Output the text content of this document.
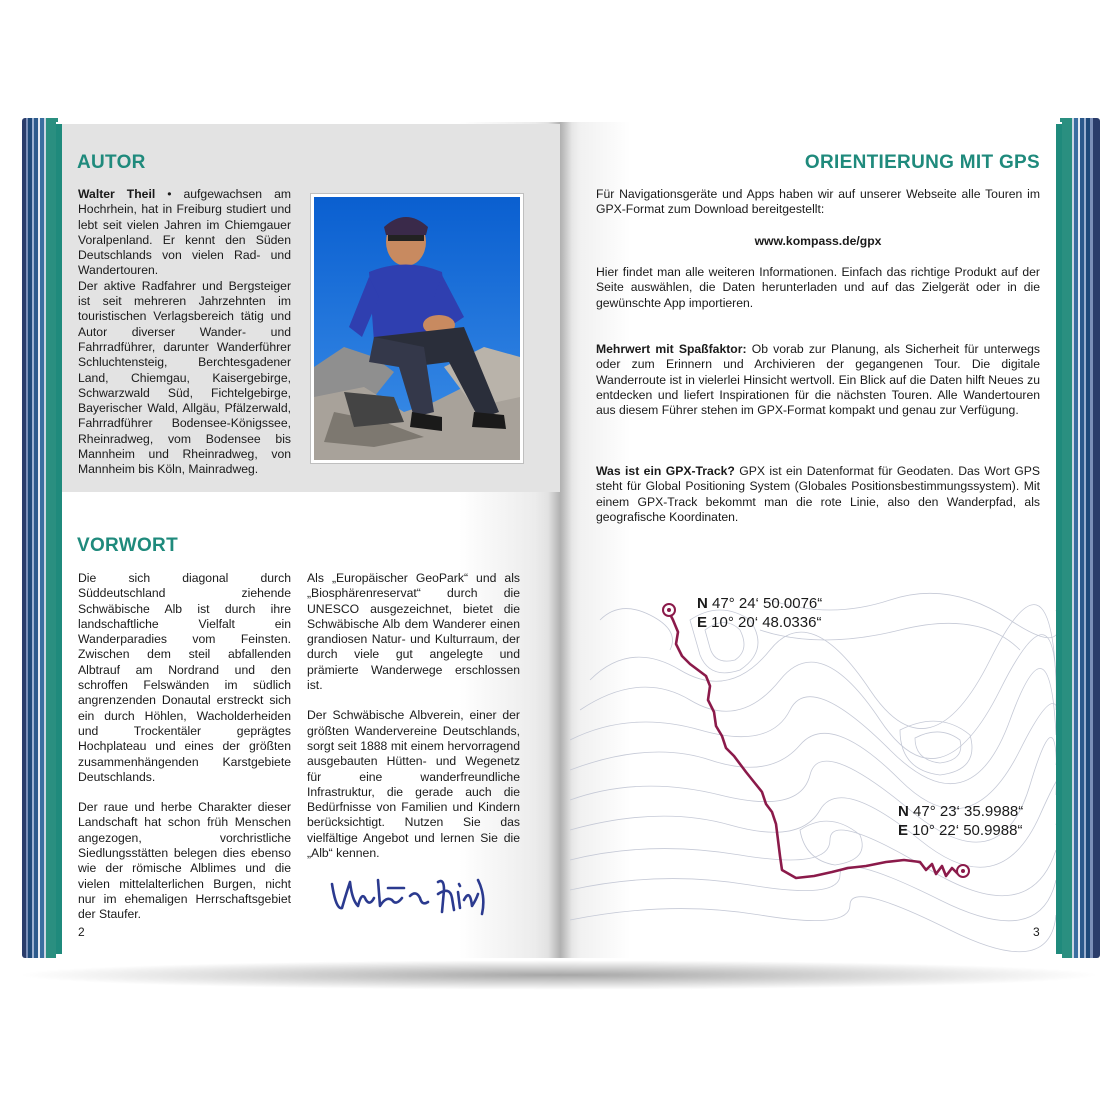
AUTOR

Walter Theil • aufgewachsen am Hochrhein, hat in Freiburg studiert und lebt seit vielen Jahren im Chiemgauer Voralpenland. Er kennt den Süden Deutschlands von vielen Rad- und Wandertouren.

Der aktive Radfahrer und Bergsteiger ist seit mehreren Jahrzehnten im touristischen Verlagsbereich tätig und Autor diverser Wander- und Fahrradführer, darunter Wanderführer Schluchtensteig, Berchtesgadener Land, Chiemgau, Kaisergebirge, Schwarzwald Süd, Fichtelgebirge, Bayerischer Wald, Allgäu, Pfälzerwald, Fahrradführer Bodensee-Königssee, Rheinradweg, vom Bodensee bis Mannheim und Rheinradweg, von Mannheim bis Köln, Mainradweg.

VORWORT

Die sich diagonal durch Süddeutschland ziehende Schwäbische Alb ist durch ihre landschaftliche Vielfalt ein Wanderparadies vom Feinsten. Zwischen dem steil abfallenden Albtrauf am Nordrand und den schroffen Felswänden im südlich angrenzenden Donautal erstreckt sich ein durch Höhlen, Wacholderheiden und Trockentäler geprägtes Hochplateau und eines der größten zusammenhängenden Karstgebiete Deutschlands.

Der raue und herbe Charakter dieser Landschaft hat schon früh Menschen angezogen, vorchristliche Siedlungsstätten belegen dies ebenso wie der römische Alblimes und die vielen mittelalterlichen Burgen, nicht nur im ehemaligen Herrschaftsgebiet der Staufer.

Als „Europäischer GeoPark“ und als „Biosphärenreservat“ durch die UNESCO ausgezeichnet, bietet die Schwäbische Alb dem Wanderer einen grandiosen Natur- und Kulturraum, der durch viele gut angelegte und prämierte Wanderwege erschlossen ist.

Der Schwäbische Albverein, einer der größten Wandervereine Deutschlands, sorgt seit 1888 mit einem hervorragend ausgebauten Hütten- und Wegenetz für eine wanderfreundliche Infrastruktur, die gerade auch die Bedürfnisse von Familien und Kindern berücksichtigt. Nutzen Sie das vielfältige Angebot und lernen Sie die „Alb“ kennen.

2
ORIENTIERUNG MIT GPS
Für Navigationsgeräte und Apps haben wir auf unserer Webseite alle Touren im GPX-Format zum Download bereitgestellt:
www.kompass.de/gpx
Hier findet man alle weiteren Informationen. Einfach das richtige Produkt auf der Seite auswählen, die Daten herunterladen und auf das Zielgerät oder in die gewünschte App importieren.
Mehrwert mit Spaßfaktor: Ob vorab zur Planung, als Sicherheit für unterwegs oder zum Erinnern und Archivieren der gegangenen Tour. Die digitale Wanderroute ist in vielerlei Hinsicht wertvoll. Ein Blick auf die Daten hilft Neues zu entdecken und liefert Inspirationen für die nächsten Touren. Alle Wandertouren aus diesem Führer stehen im GPX-Format kompakt und genau zur Verfügung.
Was ist ein GPX-Track? GPX ist ein Datenformat für Geodaten. Das Wort GPS steht für Global Positioning System (Globales Positionsbestimmungssystem). Mit einem GPX-Track bekommt man die rote Linie, also den Wanderpfad, als geografische Koordinaten.
N 47° 24‘ 50.0076“
E 10° 20‘ 48.0336“
N 47° 23‘ 35.9988“
E 10° 22‘ 50.9988“
3
